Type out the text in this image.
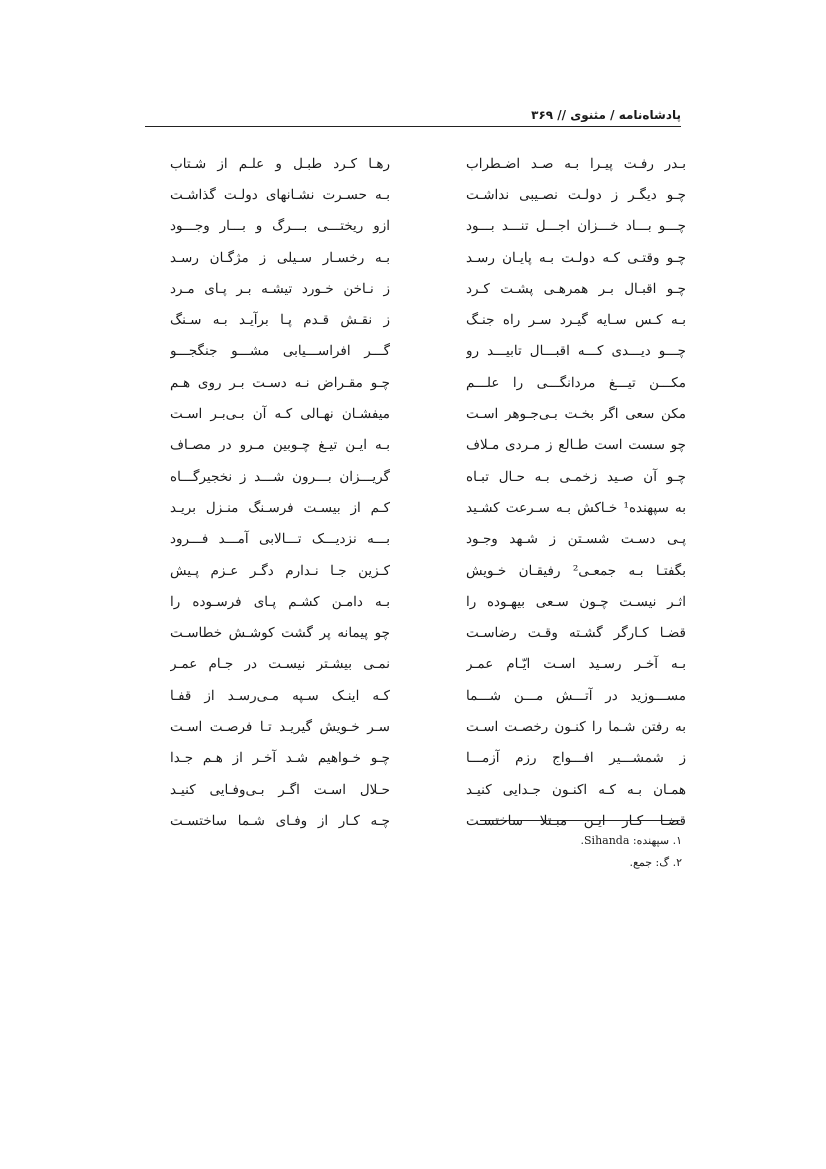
پادشاه‌نامه / مثنوی // ۳۶۹
بـدر رفـت پیـرا بـه صـد اضـطراب
رهـا کـرد طبـل و علـم از شـتاب
چـو دیگـر ز دولـت نصـیبی نداشـت
بـه حسـرت نشـانهای دولـت گذاشـت
چـــو بـــاد خـــزان اجـــل تنـــد بـــود
ازو ریختـــی بـــرگ و بـــار وجـــود
چـو وقتـی کـه دولـت بـه پایـان رسـد
بـه رخسـار سـیلی ز مژگـان رسـد
چـو اقبـال بـر همرهـی پشـت کـرد
ز نـاخن خـورد تیشـه بـر پـای مـرد
بـه کـس سـایه گیـرد سـر راه جنـگ
ز نقـش قـدم پـا برآیـد بـه سـنگ
چـــو دیـــدی کـــه اقبـــال تابیـــد رو
گـــر افراســـیابی مشـــو جنگجـــو
مکـــن تیـــغ مردانگـــی را علـــم
چـو مقـراض نـه دسـت بـر روی هـم
مکن سعی اگر بخـت بـی‌جـوهر اسـت
میفشـان نهـالی کـه آن بـی‌بـر اسـت
چو سست است طـالع ز مـردی مـلاف
بـه ایـن تیـغ چـوبین مـرو در مصـاف
چـو آن صـید زخمـی بـه حـال تبـاه
گریـــزان بـــرون شـــد ز نخجیرگـــاه
به سپهنده¹ خـاکش بـه سـرعت کشـید
کـم از بیسـت فرسـنگ منـزل بریـد
پـی دسـت شسـتن ز شـهد وجـود
بـــه نزدیـــک تـــالابی آمـــد فـــرود
بگفتـا بـه جمعـی² رفیقـان خـویش
کـزین جـا نـدارم دگـر عـزم پـیش
اثـر نیسـت چـون سـعی بیهـوده را
بـه دامـن کشـم پـای فرسـوده را
قضـا کـارگر گشـته وقـت رضاسـت
چو پیمانه پر گشت کوشـش خطاسـت
بـه آخـر رسـید اسـت ایّـام عمـر
نمـی بیشـتر نیسـت در جـام عمـر
مســـوزید در آتـــش مـــن شـــما
کـه اینـک سـپه مـی‌رسـد از قفـا
به رفتن شـما را کنـون رخصـت اسـت
سـر خـویش گیریـد تـا فرصـت اسـت
ز شمشـــیر افـــواج رزم آزمـــا
چـو خـواهیم شـد آخـر از هـم جـدا
همـان بـه کـه اکنـون جـدایی کنیـد
حـلال اسـت اگـر بـی‌وفـایی کنیـد
قضـا کـار ایـن مبـتلا ساختسـت
چـه کـار از وفـای شـما ساختسـت
۱. سپهنده: Sihanda.
۲. گ: جمع.
